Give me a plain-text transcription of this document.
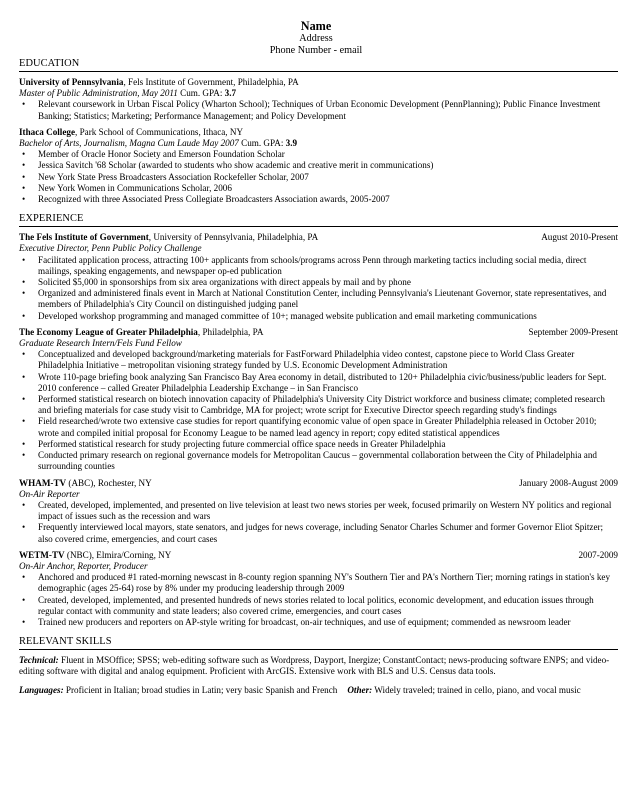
Name
Address
Phone Number - email
EDUCATION
University of Pennsylvania, Fels Institute of Government, Philadelphia, PA
Master of Public Administration, May 2011 Cum. GPA: 3.7
• Relevant coursework in Urban Fiscal Policy (Wharton School); Techniques of Urban Economic Development (PennPlanning); Public Finance Investment Banking; Statistics; Marketing; Performance Management; and Policy Development
Ithaca College, Park School of Communications, Ithaca, NY
Bachelor of Arts, Journalism, Magna Cum Laude May 2007 Cum. GPA: 3.9
• Member of Oracle Honor Society and Emerson Foundation Scholar
• Jessica Savitch '68 Scholar (awarded to students who show academic and creative merit in communications)
• New York State Press Broadcasters Association Rockefeller Scholar, 2007
• New York Women in Communications Scholar, 2006
• Recognized with three Associated Press Collegiate Broadcasters Association awards, 2005-2007
EXPERIENCE
The Fels Institute of Government, University of Pennsylvania, Philadelphia, PA	August 2010-Present
Executive Director, Penn Public Policy Challenge
• Facilitated application process, attracting 100+ applicants from schools/programs across Penn through marketing tactics including social media, direct mailings, speaking engagements, and newspaper op-ed publication
• Solicited $5,000 in sponsorships from six area organizations with direct appeals by mail and by phone
• Organized and administered finals event in March at National Constitution Center, including Pennsylvania's Lieutenant Governor, state representatives, and members of Philadelphia's City Council on distinguished judging panel
• Developed workshop programming and managed committee of 10+; managed website publication and email marketing communications
The Economy League of Greater Philadelphia, Philadelphia, PA	September 2009-Present
Graduate Research Intern/Fels Fund Fellow
• Conceptualized and developed background/marketing materials for FastForward Philadelphia video contest, capstone piece to World Class Greater Philadelphia Initiative – metropolitan visioning strategy funded by U.S. Economic Development Administration
• Wrote 110-page briefing book analyzing San Francisco Bay Area economy in detail, distributed to 120+ Philadelphia civic/business/public leaders for Sept. 2010 conference – called Greater Philadelphia Leadership Exchange – in San Francisco
• Performed statistical research on biotech innovation capacity of Philadelphia's University City District workforce and business climate; completed research and briefing materials for case study visit to Cambridge, MA for project; wrote script for Executive Director speech regarding study's findings
• Field researched/wrote two extensive case studies for report quantifying economic value of open space in Greater Philadelphia released in October 2010; wrote and compiled initial proposal for Economy League to be named lead agency in report; copy edited statistical appendices
• Performed statistical research for study projecting future commercial office space needs in Greater Philadelphia
• Conducted primary research on regional governance models for Metropolitan Caucus – governmental collaboration between the City of Philadelphia and surrounding counties
WHAM-TV (ABC), Rochester, NY	January 2008-August 2009
On-Air Reporter
• Created, developed, implemented, and presented on live television at least two news stories per week, focused primarily on Western NY politics and regional impact of issues such as the recession and wars
• Frequently interviewed local mayors, state senators, and judges for news coverage, including Senator Charles Schumer and former Governor Eliot Spitzer; also covered crime, emergencies, and court cases
WETM-TV (NBC), Elmira/Corning, NY	2007-2009
On-Air Anchor, Reporter, Producer
• Anchored and produced #1 rated-morning newscast in 8-county region spanning NY's Southern Tier and PA's Northern Tier; morning ratings in station's key demographic (ages 25-64) rose by 8% under my producing leadership through 2009
• Created, developed, implemented, and presented hundreds of news stories related to local politics, economic development, and education issues through regular contact with community and state leaders; also covered crime, emergencies, and court cases
• Trained new producers and reporters on AP-style writing for broadcast, on-air techniques, and use of equipment; commended as newsroom leader
RELEVANT SKILLS

Technical: Fluent in MSOffice; SPSS; web-editing software such as Wordpress, Dayport, Inergize; ConstantContact; news-producing software ENPS; and video-editing software with digital and analog equipment. Proficient with ArcGIS. Extensive work with BLS and U.S. Census data tools.

Languages: Proficient in Italian; broad studies in Latin; very basic Spanish and French Other: Widely traveled; trained in cello, piano, and vocal music
